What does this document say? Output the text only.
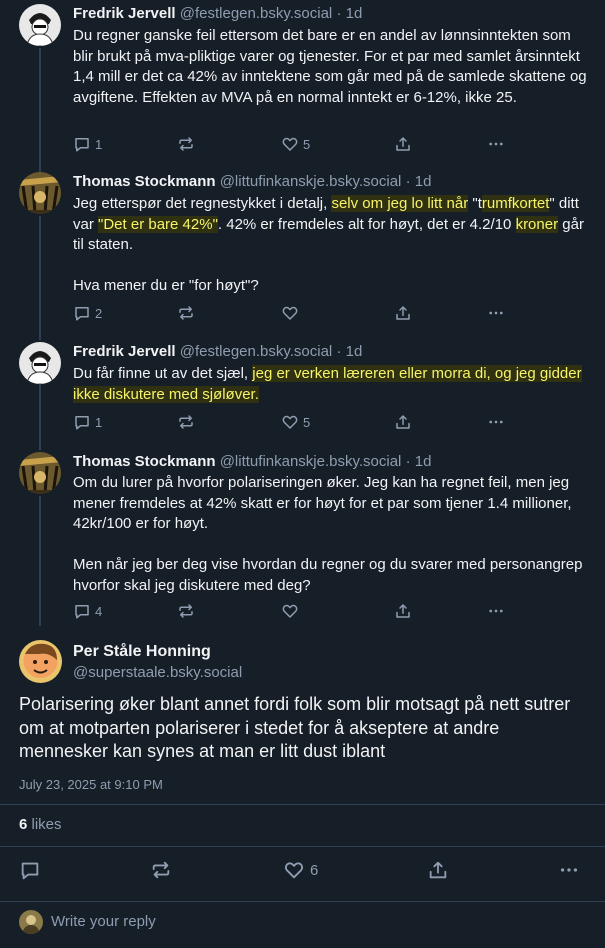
Fredrik Jervell @festlegen.bsky.social · 1d

Du regner ganske feil ettersom det bare er en andel av lønnsinntekten som blir brukt på mva-pliktige varer og tjenester. For et par med samlet årsinntekt 1,4 mill er det ca 42% av inntektene som går med på de samlede skattene og avgiftene. Effekten av MVA på en normal inntekt er 6-12%, ikke 25.

1	5
Thomas Stockmann @littufinkanskje.bsky.social · 1d

Jeg etterspør det regnestykket i detalj, selv om jeg lo litt når "trumfkortet" ditt var "Det er bare 42%". 42% er fremdeles alt for høyt, det er 4.2/10 kroner går til staten.

Hva mener du er "for høyt"?

2
Fredrik Jervell @festlegen.bsky.social · 1d

Du får finne ut av det sjæl, jeg er verken læreren eller morra di, og jeg gidder ikke diskutere med sjøløver.

1	5
Thomas Stockmann @littufinkanskje.bsky.social · 1d

Om du lurer på hvorfor polariseringen øker. Jeg kan ha regnet feil, men jeg mener fremdeles at 42% skatt er for høyt for et par som tjener 1.4 millioner, 42kr/100 er for høyt.

Men når jeg ber deg vise hvordan du regner og du svarer med personangrep hvorfor skal jeg diskutere med deg?

4
Per Ståle Honning
@superstaale.bsky.social
Polarisering øker blant annet fordi folk som blir motsagt på nett sutrer om at motparten polariserer i stedet for å akseptere at andre mennesker kan synes at man er litt dust iblant
July 23, 2025 at 9:10 PM
6 likes
6
Write your reply
